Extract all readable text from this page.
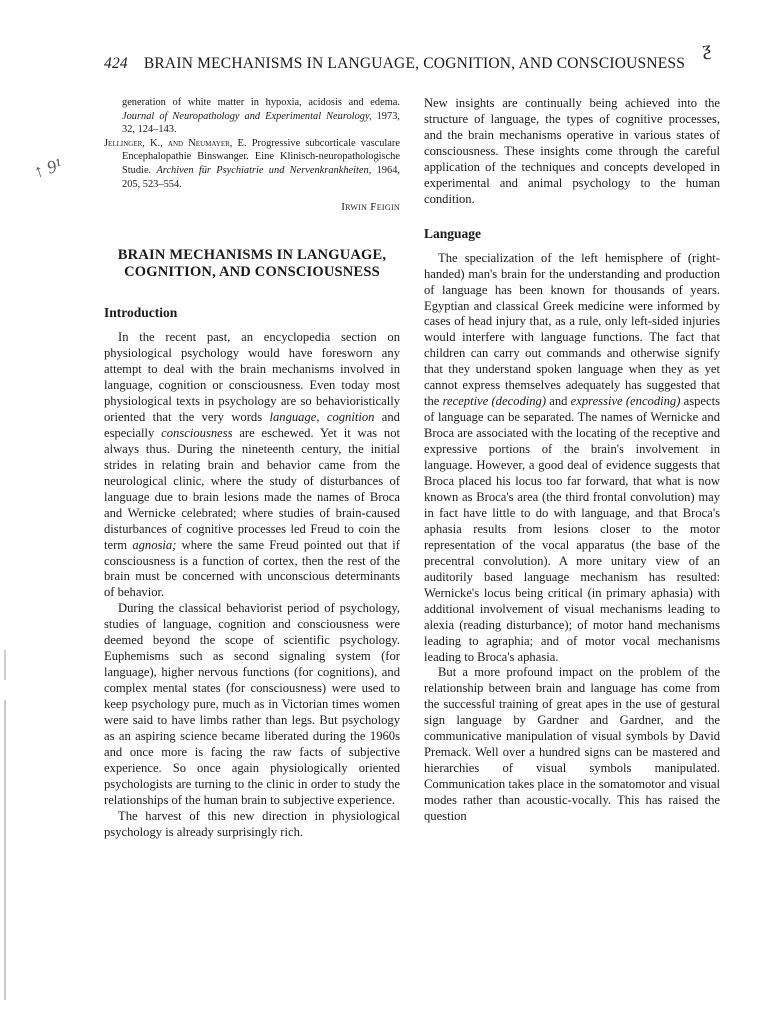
424 BRAIN MECHANISMS IN LANGUAGE, COGNITION, AND CONSCIOUSNESS
ƺ
↑ 9¹
generation of white matter in hypoxia, acidosis and edema. Journal of Neuropathology and Experimental Neurology, 1973, 32, 124–143.
Jellinger, K., and Neumayer, E. Progressive subcorticale vasculare Encephalopathie Binswanger. Eine Klinisch-neuropathologische Studie. Archiven für Psychiatrie und Nervenkrankheiten, 1964, 205, 523–554.
Irwin Feigin
BRAIN MECHANISMS IN LANGUAGE, COGNITION, AND CONSCIOUSNESS
Introduction

In the recent past, an encyclopedia section on physiological psychology would have foresworn any attempt to deal with the brain mechanisms involved in language, cognition or consciousness. Even today most physiological texts in psychology are so behavioristically oriented that the very words language, cognition and especially consciousness are eschewed. Yet it was not always thus. During the nineteenth century, the initial strides in relating brain and behavior came from the neurological clinic, where the study of disturbances of language due to brain lesions made the names of Broca and Wernicke celebrated; where studies of brain-caused disturbances of cognitive processes led Freud to coin the term agnosia; where the same Freud pointed out that if consciousness is a function of cortex, then the rest of the brain must be concerned with unconscious determinants of behavior.

During the classical behaviorist period of psychology, studies of language, cognition and consciousness were deemed beyond the scope of scientific psychology. Euphemisms such as second signaling system (for language), higher nervous functions (for cognitions), and complex mental states (for consciousness) were used to keep psychology pure, much as in Victorian times women were said to have limbs rather than legs. But psychology as an aspiring science became liberated during the 1960s and once more is facing the raw facts of subjective experience. So once again physiologically oriented psychologists are turning to the clinic in order to study the relationships of the human brain to subjective experience.

The harvest of this new direction in physiological psychology is already surprisingly rich.

New insights are continually being achieved into the structure of language, the types of cognitive processes, and the brain mechanisms operative in various states of consciousness. These insights come through the careful application of the techniques and concepts developed in experimental and animal psychology to the human condition.

Language

The specialization of the left hemisphere of (right-handed) man's brain for the understanding and production of language has been known for thousands of years. Egyptian and classical Greek medicine were informed by cases of head injury that, as a rule, only left-sided injuries would interfere with language functions. The fact that children can carry out commands and otherwise signify that they understand spoken language when they as yet cannot express themselves adequately has suggested that the receptive (decoding) and expressive (encoding) aspects of language can be separated. The names of Wernicke and Broca are associated with the locating of the receptive and expressive portions of the brain's involvement in language. However, a good deal of evidence suggests that Broca placed his locus too far forward, that what is now known as Broca's area (the third frontal convolution) may in fact have little to do with language, and that Broca's aphasia results from lesions closer to the motor representation of the vocal apparatus (the base of the precentral convolution). A more unitary view of an auditorily based language mechanism has resulted: Wernicke's locus being critical (in primary aphasia) with additional involvement of visual mechanisms leading to alexia (reading disturbance); of motor hand mechanisms leading to agraphia; and of motor vocal mechanisms leading to Broca's aphasia.

But a more profound impact on the problem of the relationship between brain and language has come from the successful training of great apes in the use of gestural sign language by Gardner and Gardner, and the communicative manipulation of visual symbols by David Premack. Well over a hundred signs can be mastered and hierarchies of visual symbols manipulated. Communication takes place in the somatomotor and visual modes rather than acoustic-vocally. This has raised the question
